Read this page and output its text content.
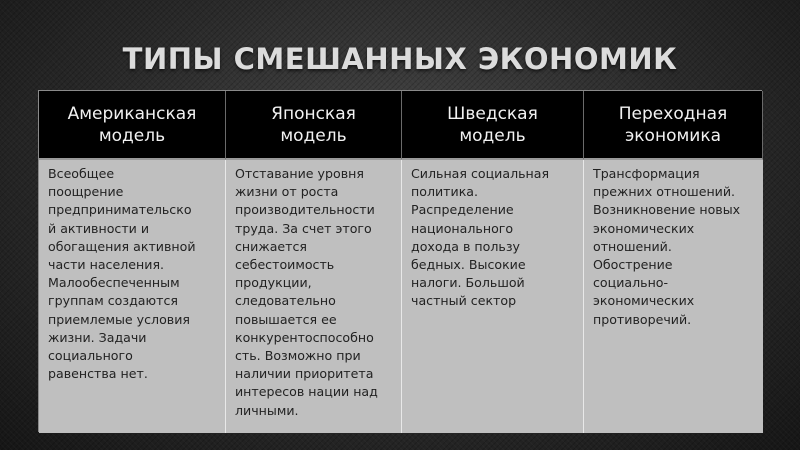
ТИПЫ СМЕШАННЫХ ЭКОНОМИК
Американская
модель
Японская
модель
Шведская
модель
Переходная
экономика
Всеобщее
поощрение
предпринимательско
й активности и
обогащения активной
части населения.
Малообеспеченным
группам создаются
приемлемые условия
жизни. Задачи
социального
равенства нет.
Отставание уровня
жизни от роста
производительности
труда. За счет этого
снижается
себестоимость
продукции,
следовательно
повышается ее
конкурентоспособно
сть. Возможно при
наличии приоритета
интересов нации над
личными.
Сильная социальная
политика.
Распределение
национального
дохода в пользу
бедных. Высокие
налоги. Большой
частный сектор
Трансформация
прежних отношений.
Возникновение новых
экономических
отношений.
Обострение
социально-
экономических
противоречий.
